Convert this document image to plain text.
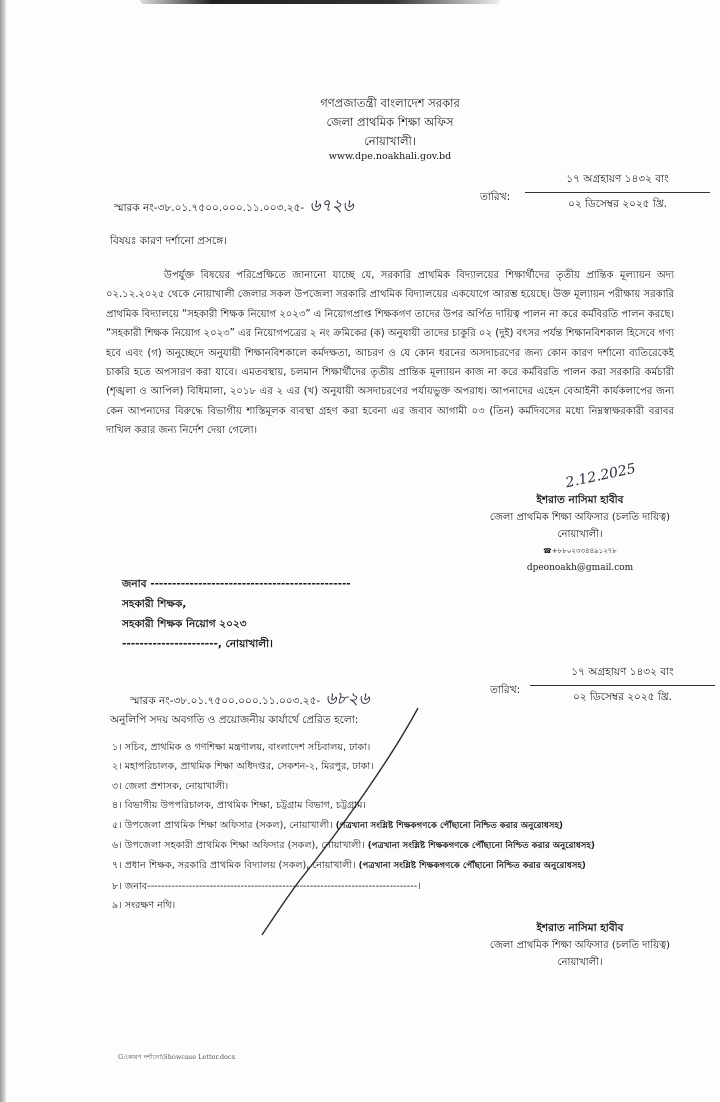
গণপ্রজাতন্ত্রী বাংলাদেশ সরকার
জেলা প্রাথমিক শিক্ষা অফিস
নোয়াখালী।
www.dpe.noakhali.gov.bd
স্মারক নং-৩৮.০১.৭৫০০.০০০.১১.০০৩.২৫- ৬৭২৬	তারিখ:
১৭ অগ্রহায়ণ ১৪৩২ বাং
০২ ডিসেম্বর ২০২৫ খ্রি.
বিষয়ঃ কারণ দর্শানো প্রসঙ্গে।
উপর্যুক্ত বিষয়ের পরিপ্রেক্ষিতে জানানো যাচ্ছে যে, সরকারি প্রাথমিক বিদ্যালয়ের শিক্ষার্থীদের তৃতীয় প্রান্তিক মূল্যায়ন অদ্য ০২.১২.২০২৫ থেকে নোয়াখালী জেলার সকল উপজেলা সরকারি প্রাথমিক বিদ্যালয়ের একযোগে আরম্ভ হয়েছে। উক্ত মূল্যায়ন পরীক্ষায় সরকারি প্রাথমিক বিদ্যালয়ে “সহকারী শিক্ষক নিয়োগ ২০২৩” এ নিয়োগপ্রাপ্ত শিক্ষকগণ তাদের উপর অর্পিত দায়িত্ব পালন না করে কর্মবিরতি পালন করছে। “সহকারী শিক্ষক নিয়োগ ২০২৩” এর নিয়োগপত্রের ২ নং ক্রমিকের (ক) অনুযায়ী তাদের চাকুরি ০২ (দুই) বৎসর পর্যন্ত শিক্ষানবিশকাল হিসেবে গণ্য হবে এবং (গ) অনুচ্ছেদে অনুযায়ী শিক্ষানবিশকালে কর্মদক্ষতা, আচরণ ও যে কোন ধরনের অসদাচরণের জন্য কোন কারণ দর্শানো ব্যতিরেকেই চাকরি হতে অপসারণ করা যাবে। এমতবস্থায়, চলমান শিক্ষার্থীদের তৃতীয় প্রান্তিক মূল্যায়ন কাজ না করে কর্মবিরতি পালন করা সরকারি কর্মচারী (শৃঙ্খলা ও আপিল) বিধিমালা, ২০১৮ এর ২ এর (খ) অনুযায়ী অসদাচরণের পর্যায়ভুক্ত অপরাধ। আপনাদের এহেন বেআইনী কার্যকলাপের জন্য কেন আপনাদের বিরুদ্ধে বিভাগীয় শাস্তিমূলক ব্যবস্থা গ্রহণ করা হবেনা এর জবাব আগামী ০৩ (তিন) কর্মদিবসের মধ্যে নিম্নস্বাক্ষরকারী বরাবর দাখিল করার জন্য নির্দেশ দেয়া গেলো।
2.12.2025
ইশরাত নাসিমা হাবীব
জেলা প্রাথমিক শিক্ষা অফিসার (চলতি দায়িত্ব)
নোয়াখালী।
☎+৮৮০২৩৩৪৪৯১২৭৮
dpeonoakh@gmail.com
জনাব ----------------------------------------------
সহকারী শিক্ষক,
সহকারী শিক্ষক নিয়োগ ২০২৩
----------------------, নোয়াখালী।
স্মারক নং-৩৮.০১.৭৫০০.০০০.১১.০০৩.২৫- ৬৮২৬	তারিখ:
১৭ অগ্রহায়ণ ১৪৩২ বাং
০২ ডিসেম্বর ২০২৫ খ্রি.
অনুলিপি সদয় অবগতি ও প্রয়োজনীয় কার্যার্থে প্রেরিত হলো:
১। সচিব, প্রাথমিক ও গণশিক্ষা মন্ত্রণালয়, বাংলাদেশ সচিবালয়, ঢাকা।
২। মহাপরিচালক, প্রাথমিক শিক্ষা অধিদপ্তর, সেকশন-২, মিরপুর, ঢাকা।
৩। জেলা প্রশাসক, নোয়াখালী।
৪। বিভাগীয় উপপরিচালক, প্রাথমিক শিক্ষা, চট্টগ্রাম বিভাগ, চট্টগ্রাম।
৫। উপজেলা প্রাথমিক শিক্ষা অফিসার (সকল), নোয়াখালী। (পত্রখানা সংশ্লিষ্ট শিক্ষকগণকে পৌঁছানো নিশ্চিত করার অনুরোধসহ)
৬। উপজেলা সহকারী প্রাথমিক শিক্ষা অফিসার (সকল), নোয়াখালী। (পত্রখানা সংশ্লিষ্ট শিক্ষকগণকে পৌঁছানো নিশ্চিত করার অনুরোধসহ)
৭। প্রধান শিক্ষক, সরকারি প্রাথমিক বিদ্যালয় (সকল), নোয়াখালী। (পত্রখানা সংশ্লিষ্ট শিক্ষকগণকে পৌঁছানো নিশ্চিত করার অনুরোধসহ)
৮। জনাব------------------------------------------------------------------------------।
৯। সংরক্ষণ নথি।
ইশরাত নাসিমা হাবীব
জেলা প্রাথমিক শিক্ষা অফিসার (চলতি দায়িত্ব)
নোয়াখালী।
G:\কারণ দর্শানো\Showcase Letter.docx
